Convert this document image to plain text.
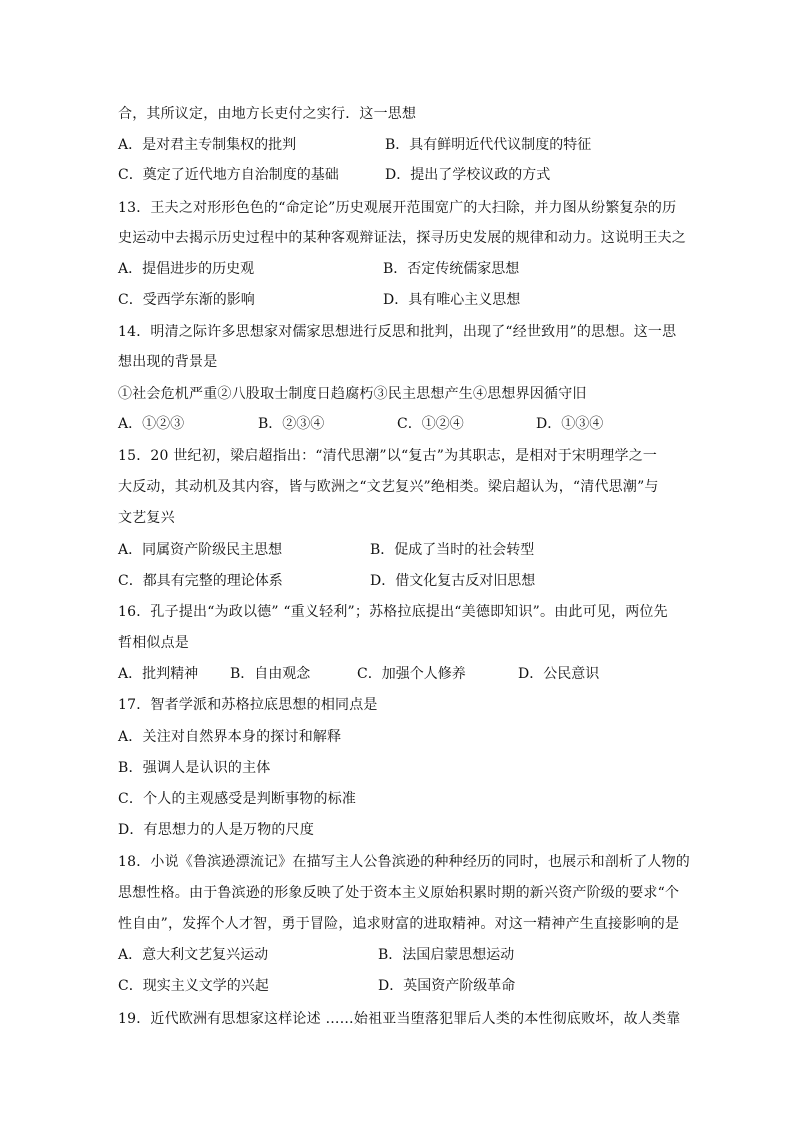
合，其所议定，由地方长吏付之实行．这一思想
A．是对君主专制集权的批判	B．具有鲜明近代代议制度的特征
C．奠定了近代地方自治制度的基础	D．提出了学校议政的方式
13．王夫之对形形色色的“命定论”历史观展开范围宽广的大扫除，并力图从纷繁复杂的历
史运动中去揭示历史过程中的某种客观辩证法，探寻历史发展的规律和动力。这说明王夫之
A．提倡进步的历史观	B．否定传统儒家思想
C．受西学东渐的影响	D．具有唯心主义思想
14．明清之际许多思想家对儒家思想进行反思和批判，出现了“经世致用”的思想。这一思
想出现的背景是
①社会危机严重②八股取士制度日趋腐朽③民主思想产生④思想界因循守旧
A．①②③	B．②③④	C．①②④	D．①③④
15．20 世纪初，梁启超指出：“清代思潮”以“复古”为其职志，是相对于宋明理学之一
大反动，其动机及其内容，皆与欧洲之“文艺复兴”绝相类。梁启超认为，“清代思潮”与
文艺复兴
A．同属资产阶级民主思想	B．促成了当时的社会转型
C．都具有完整的理论体系	D．借文化复古反对旧思想
16．孔子提出“为政以德” “重义轻利”；苏格拉底提出“美德即知识”。由此可见，两位先
哲相似点是
A．批判精神 B．自由观念	C．加强个人修养	D．公民意识
17．智者学派和苏格拉底思想的相同点是
A．关注对自然界本身的探讨和解释
B．强调人是认识的主体
C．个人的主观感受是判断事物的标准
D．有思想力的人是万物的尺度
18．小说《鲁滨逊漂流记》在描写主人公鲁滨逊的种种经历的同时，也展示和剖析了人物的
思想性格。由于鲁滨逊的形象反映了处于资本主义原始积累时期的新兴资产阶级的要求“个
性自由”，发挥个人才智，勇于冒险，追求财富的进取精神。对这一精神产生直接影响的是
A．意大利文艺复兴运动	B．法国启蒙思想运动
C．现实主义文学的兴起	D．英国资产阶级革命
19．近代欧洲有思想家这样论述 ……始祖亚当堕落犯罪后人类的本性彻底败坏，故人类靠
